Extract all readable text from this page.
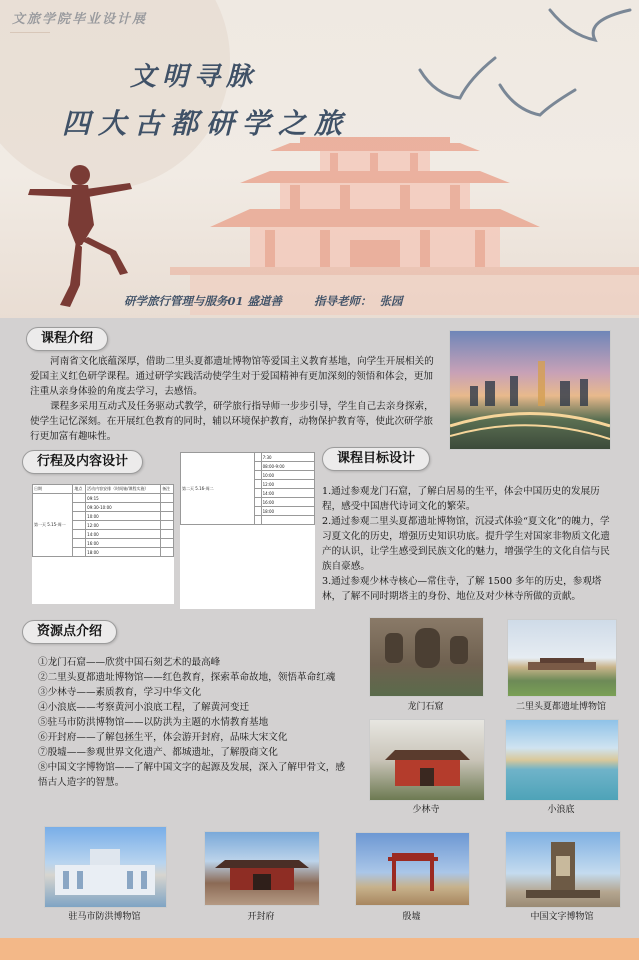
文明寻脉
四大古都研学之旅
研学旅行管理与服务01 盛道善        指导老师：  张园
课程介绍
河南省文化底蕴深厚，借助二里头夏都遗址博物馆等爱国主义教育基地，向学生开展相关的爱国主义红色研学课程。通过研学实践活动使学生对于爱国精神有更加深刻的领悟和体会，更加注重从亲身体验的角度去学习，去感悟。
课程多采用互动式及任务驱动式教学，研学旅行指导师一步步引导，学生自己去亲身探索，使学生记忆深刻。在开展红色教育的同时，辅以环境保护教育，动物保护教育等，使此次研学旅行更加富有趣味性。
行程及内容设计
日期	地点	活动内容安排（时间轴/课程实施）	备注
第一天 5.15-周一		09:15	
		09:30-10:00	
		10:00	
		12:00	
		14:00	
		16:00	
		18:00	
第二天 5.16-周二		7:30
		08:00-9:00
		10:00
		12:00
		14:00
		16:00
		18:00

课程目标设计
1.通过参观龙门石窟，了解白居易的生平，体会中国历史的发展历程，感受中国唐代诗词文化的繁荣。
2.通过参观二里头夏都遗址博物馆，沉浸式体验“夏文化”的魄力，学习夏文化的历史，增强历史知识功底。提升学生对国家非物质文化遗产的认识，让学生感受到民族文化的魅力，增强学生的文化自信与民族自豪感。
3.通过参观少林寺核心—常住寺，了解 1500 多年的历史，参观塔林，了解不同时期塔主的身份、地位及对少林寺所做的贡献。
资源点介绍
①龙门石窟——欣赏中国石刻艺术的最高峰
②二里头夏都遗址博物馆——红色教育，探索革命故地，领悟革命红魂
③少林寺——素质教育，学习中华文化
④小浪底——考察黄河小浪底工程，了解黄河变迁
⑤驻马市防洪博物馆——以防洪为主题的水情教育基地
⑥开封府——了解包拯生平，体会游开封府，品味大宋文化
⑦殷墟——参观世界文化遗产、都城遗址，了解殷商文化
⑧中国文字博物馆——了解中国文字的起源及发展，深入了解甲骨文，感悟古人造字的智慧。
龙门石窟	二里头夏都遗址博物馆
少林寺	小浪底
驻马市防洪博物馆	开封府	殷墟	中国文字博物馆
